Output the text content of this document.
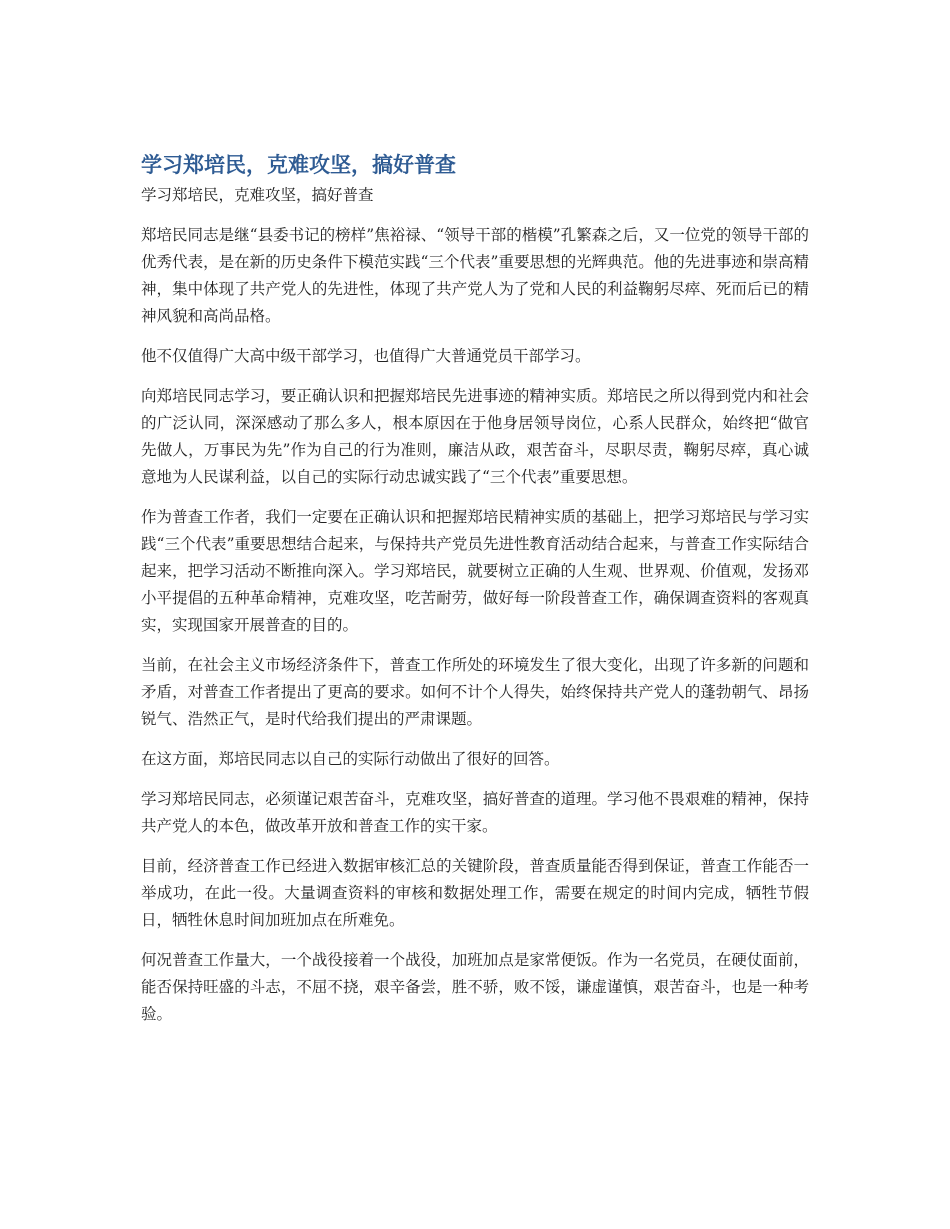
学习郑培民，克难攻坚，搞好普查
学习郑培民，克难攻坚，搞好普查

郑培民同志是继“县委书记的榜样”焦裕禄、“领导干部的楷模”孔繁森之后，又一位党的领导干部的优秀代表，是在新的历史条件下模范实践“三个代表”重要思想的光辉典范。他的先进事迹和崇高精神，集中体现了共产党人的先进性，体现了共产党人为了党和人民的利益鞠躬尽瘁、死而后已的精神风貌和高尚品格。

他不仅值得广大高中级干部学习，也值得广大普通党员干部学习。

向郑培民同志学习，要正确认识和把握郑培民先进事迹的精神实质。郑培民之所以得到党内和社会的广泛认同，深深感动了那么多人，根本原因在于他身居领导岗位，心系人民群众，始终把“做官先做人，万事民为先”作为自己的行为准则，廉洁从政，艰苦奋斗，尽职尽责，鞠躬尽瘁，真心诚意地为人民谋利益，以自己的实际行动忠诚实践了“三个代表”重要思想。

作为普查工作者，我们一定要在正确认识和把握郑培民精神实质的基础上，把学习郑培民与学习实践“三个代表”重要思想结合起来，与保持共产党员先进性教育活动结合起来，与普查工作实际结合起来，把学习活动不断推向深入。学习郑培民，就要树立正确的人生观、世界观、价值观，发扬邓小平提倡的五种革命精神，克难攻坚，吃苦耐劳，做好每一阶段普查工作，确保调查资料的客观真实，实现国家开展普查的目的。

当前，在社会主义市场经济条件下，普查工作所处的环境发生了很大变化，出现了许多新的问题和矛盾，对普查工作者提出了更高的要求。如何不计个人得失，始终保持共产党人的蓬勃朝气、昂扬锐气、浩然正气，是时代给我们提出的严肃课题。

在这方面，郑培民同志以自己的实际行动做出了很好的回答。

学习郑培民同志，必须谨记艰苦奋斗，克难攻坚，搞好普查的道理。学习他不畏艰难的精神，保持共产党人的本色，做改革开放和普查工作的实干家。

目前，经济普查工作已经进入数据审核汇总的关键阶段，普查质量能否得到保证，普查工作能否一举成功，在此一役。大量调查资料的审核和数据处理工作，需要在规定的时间内完成，牺牲节假日，牺牲休息时间加班加点在所难免。

何况普查工作量大，一个战役接着一个战役，加班加点是家常便饭。作为一名党员，在硬仗面前，能否保持旺盛的斗志，不屈不挠，艰辛备尝，胜不骄，败不馁，谦虚谨慎，艰苦奋斗，也是一种考验。
